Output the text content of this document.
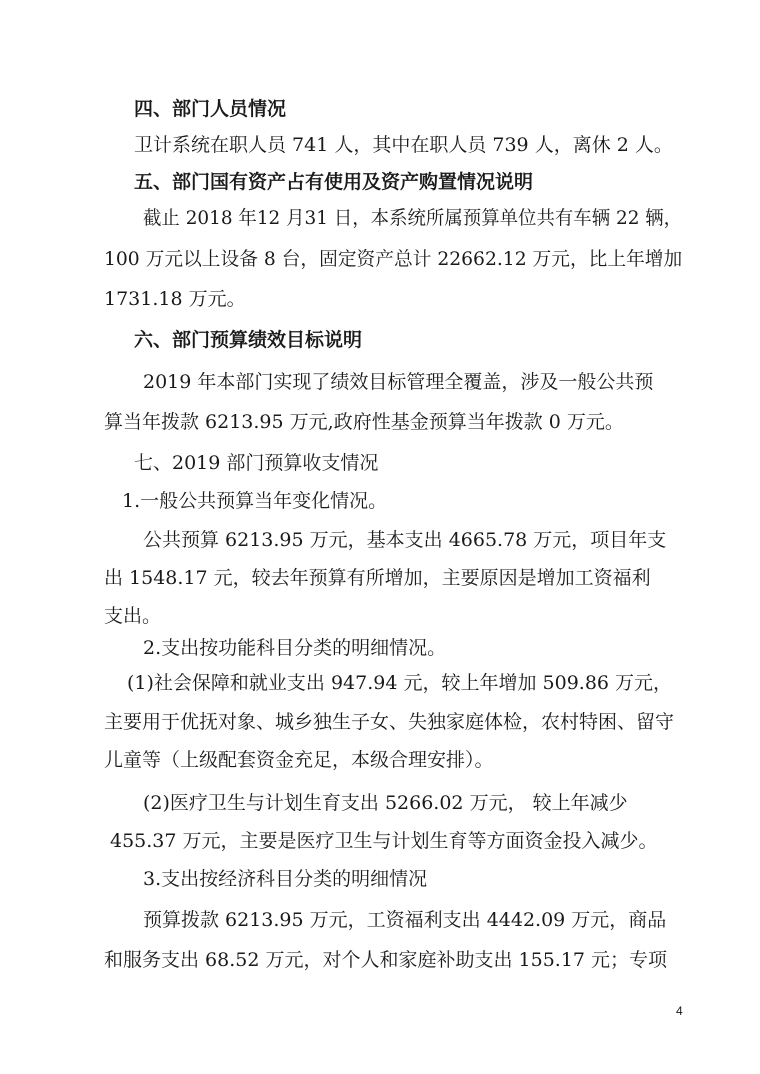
四、部门人员情况
卫计系统在职人员 741 人，其中在职人员 739 人，离休 2 人。
五、部门国有资产占有使用及资产购置情况说明
截止 2018 年12 月31 日，本系统所属预算单位共有车辆 22 辆，
100 万元以上设备 8 台，固定资产总计 22662.12 万元，比上年增加
1731.18 万元。
六、部门预算绩效目标说明
2019 年本部门实现了绩效目标管理全覆盖，涉及一般公共预
算当年拨款 6213.95 万元,政府性基金预算当年拨款 0 万元。
七、2019 部门预算收支情况
1.一般公共预算当年变化情况。
公共预算 6213.95 万元，基本支出 4665.78 万元，项目年支
出 1548.17 元，较去年预算有所增加，主要原因是增加工资福利
支出。
2.支出按功能科目分类的明细情况。
(1)社会保障和就业支出 947.94 元，较上年增加 509.86 万元，
主要用于优抚对象、城乡独生子女、失独家庭体检，农村特困、留守
儿童等（上级配套资金充足，本级合理安排）。
(2)医疗卫生与计划生育支出 5266.02 万元， 较上年减少
455.37 万元，主要是医疗卫生与计划生育等方面资金投入减少。
3.支出按经济科目分类的明细情况
预算拨款 6213.95 万元，工资福利支出 4442.09 万元，商品
和服务支出 68.52 万元，对个人和家庭补助支出 155.17 元；专项
4
